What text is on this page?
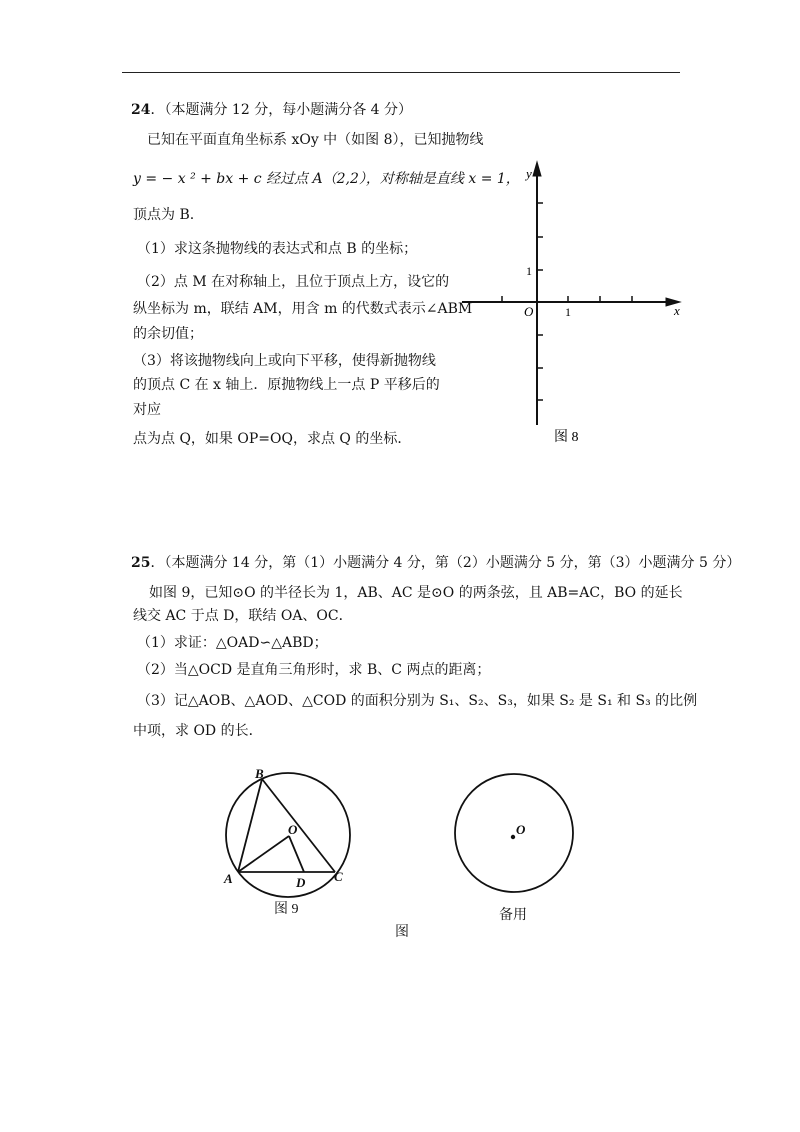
24．（本题满分 12 分，每小题满分各 4 分）
已知在平面直角坐标系 xOy 中（如图 8），已知抛物线
y = − x ² + bx + c 经过点 A（2,2），对称轴是直线 x = 1，
顶点为 B.
（1）求这条抛物线的表达式和点 B 的坐标；
（2）点 M 在对称轴上，且位于顶点上方，设它的
纵坐标为 m，联结 AM，用含 m 的代数式表示∠ABM
的余切值；
（3）将该抛物线向上或向下平移，使得新抛物线
的顶点 C 在 x 轴上．原抛物线上一点 P 平移后的
对应
点为点 Q，如果 OP=OQ，求点 Q 的坐标．
y
x
O	1
1
图 8
25．（本题满分 14 分，第（1）小题满分 4 分，第（2）小题满分 5 分，第（3）小题满分 5 分）
如图 9，已知⊙O 的半径长为 1，AB、AC 是⊙O 的两条弦，且 AB=AC，BO 的延长
线交 AC 于点 D，联结 OA、OC．
（1）求证：△OAD∽△ABD；
（2）当△OCD 是直角三角形时，求 B、C 两点的距离；
（3）记△AOB、△AOD、△COD 的面积分别为 S₁、S₂、S₃，如果 S₂ 是 S₁ 和 S₃ 的比例
中项，求 OD 的长．
B
O
A	D C
图 9
O
备用
图
